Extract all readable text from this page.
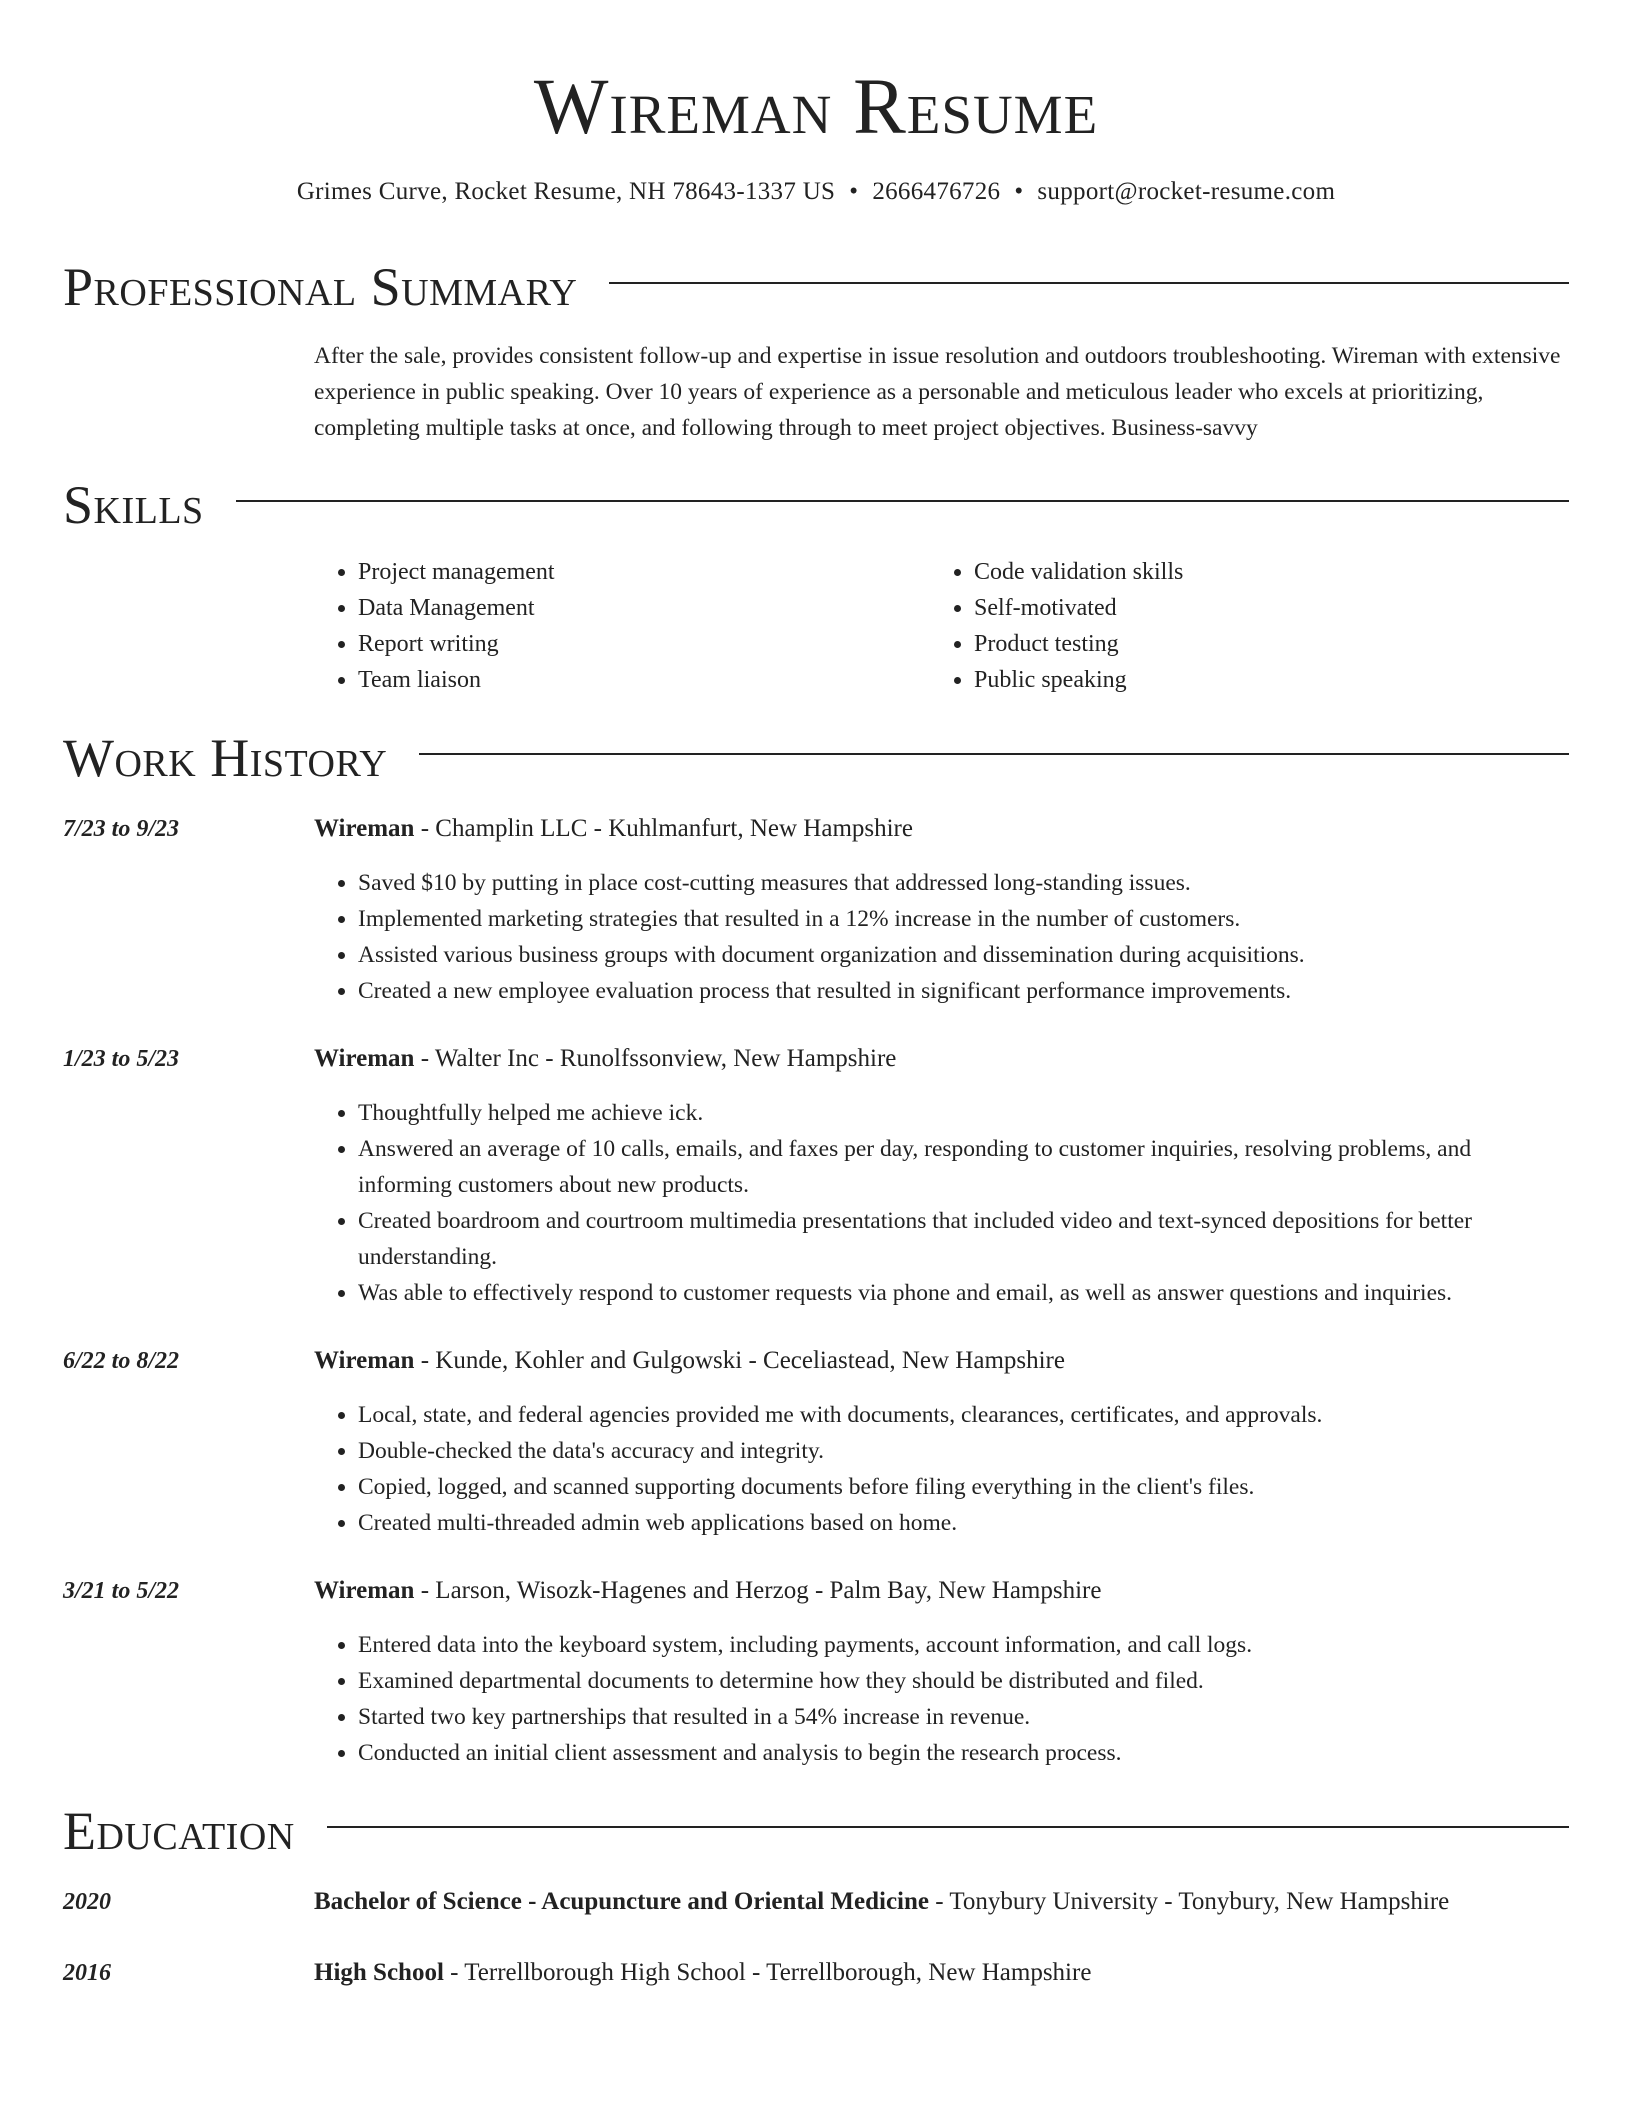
Wireman Resume
Grimes Curve, Rocket Resume, NH 78643-1337 US • 2666476726 • support@rocket-resume.com
Professional Summary

After the sale, provides consistent follow-up and expertise in issue resolution and outdoors troubleshooting. Wireman with extensive experience in public speaking. Over 10 years of experience as a personable and meticulous leader who excels at prioritizing, completing multiple tasks at once, and following through to meet project objectives. Business-savvy

Skills
• Project management
• Data Management
• Report writing
• Team liaison
• Code validation skills
• Self-motivated
• Product testing
• Public speaking
Work History
7/23 to 9/23	Wireman - Champlin LLC - Kuhlmanfurt, New Hampshire
• Saved $10 by putting in place cost-cutting measures that addressed long-standing issues.
• Implemented marketing strategies that resulted in a 12% increase in the number of customers.
• Assisted various business groups with document organization and dissemination during acquisitions.
• Created a new employee evaluation process that resulted in significant performance improvements.
1/23 to 5/23	Wireman - Walter Inc - Runolfssonview, New Hampshire
• Thoughtfully helped me achieve ick.
• Answered an average of 10 calls, emails, and faxes per day, responding to customer inquiries, resolving problems, and informing customers about new products.
• Created boardroom and courtroom multimedia presentations that included video and text-synced depositions for better understanding.
• Was able to effectively respond to customer requests via phone and email, as well as answer questions and inquiries.
6/22 to 8/22	Wireman - Kunde, Kohler and Gulgowski - Ceceliastead, New Hampshire
• Local, state, and federal agencies provided me with documents, clearances, certificates, and approvals.
• Double-checked the data's accuracy and integrity.
• Copied, logged, and scanned supporting documents before filing everything in the client's files.
• Created multi-threaded admin web applications based on home.
3/21 to 5/22	Wireman - Larson, Wisozk-Hagenes and Herzog - Palm Bay, New Hampshire
• Entered data into the keyboard system, including payments, account information, and call logs.
• Examined departmental documents to determine how they should be distributed and filed.
• Started two key partnerships that resulted in a 54% increase in revenue.
• Conducted an initial client assessment and analysis to begin the research process.
Education
2020	Bachelor of Science - Acupuncture and Oriental Medicine - Tonybury University - Tonybury, New Hampshire
2016	High School - Terrellborough High School - Terrellborough, New Hampshire
